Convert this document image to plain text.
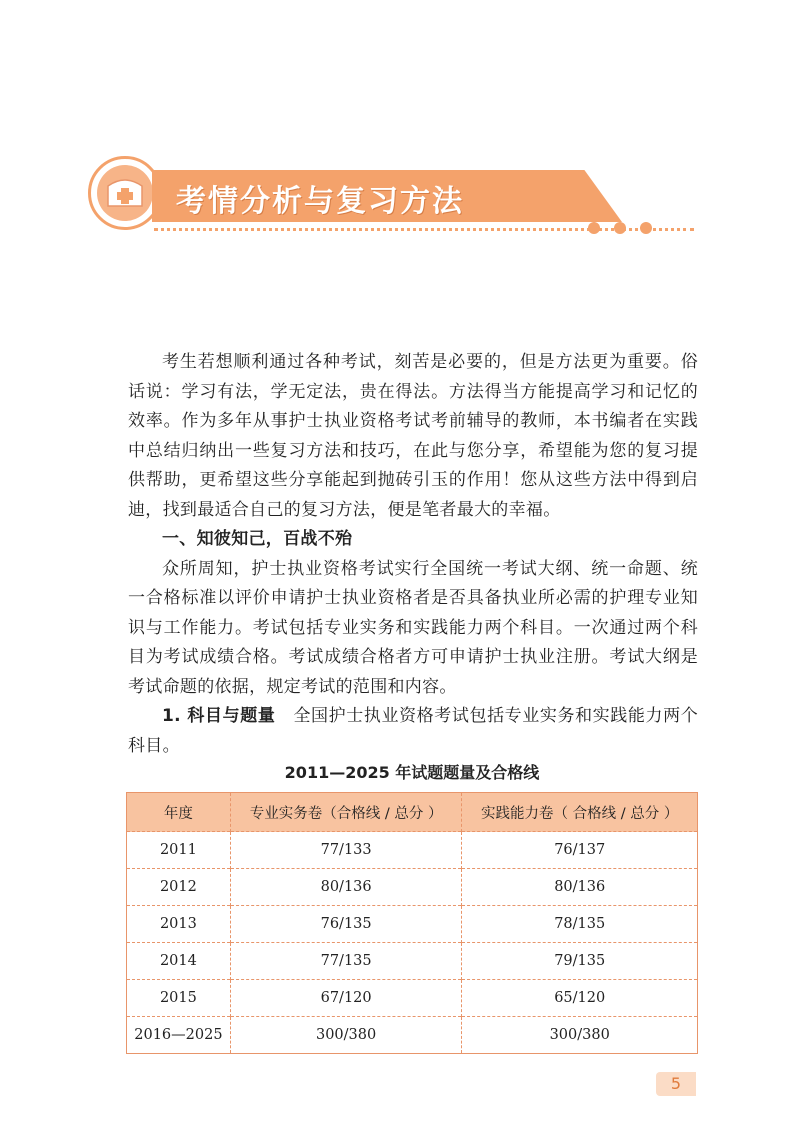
考情分析与复习方法

考生若想顺利通过各种考试，刻苦是必要的，但是方法更为重要。俗话说：学习有法，学无定法，贵在得法。方法得当方能提高学习和记忆的效率。作为多年从事护士执业资格考试考前辅导的教师，本书编者在实践中总结归纳出一些复习方法和技巧，在此与您分享，希望能为您的复习提供帮助，更希望这些分享能起到抛砖引玉的作用！您从这些方法中得到启迪，找到最适合自己的复习方法，便是笔者最大的幸福。

一、知彼知己，百战不殆

众所周知，护士执业资格考试实行全国统一考试大纲、统一命题、统一合格标准以评价申请护士执业资格者是否具备执业所必需的护理专业知识与工作能力。考试包括专业实务和实践能力两个科目。一次通过两个科目为考试成绩合格。考试成绩合格者方可申请护士执业注册。考试大纲是考试命题的依据，规定考试的范围和内容。

1. 科目与题量 全国护士执业资格考试包括专业实务和实践能力两个科目。

2011—2025 年试题题量及合格线
年度	专业实务卷（合格线 / 总分 ）	实践能力卷（ 合格线 / 总分 ）
2011	77/133	76/137
2012	80/136	80/136
2013	76/135	78/135
2014	77/135	79/135
2015	67/120	65/120
2016—2025	300/380	300/380
5
